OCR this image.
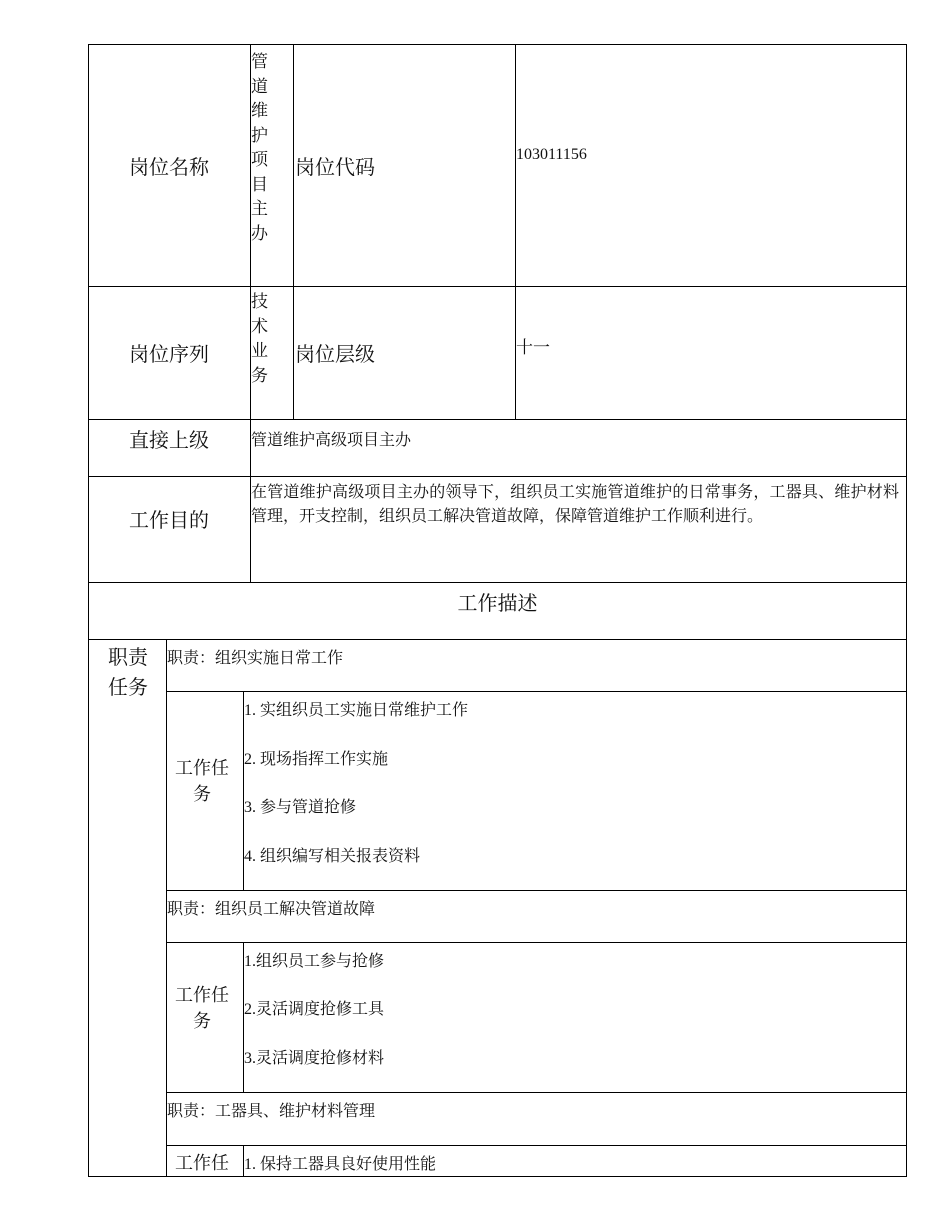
岗位名称
管道维护项目主办
岗位代码
103011156
岗位序列
技术业务
岗位层级	十一
直接上级	管道维护高级项目主办
工作目的
在管道维护高级项目主办的领导下，组织员工实施管道维护的日常事务，工器具、维护材料管理，开支控制，组织员工解决管道故障，保障管道维护工作顺利进行。
工作描述
职责任务
职责：组织实施日常工作
工作任务
1. 实组织员工实施日常维护工作
2. 现场指挥工作实施
3. 参与管道抢修
4. 组织编写相关报表资料
职责：组织员工解决管道故障
工作任务
1.组织员工参与抢修
2.灵活调度抢修工具
3.灵活调度抢修材料
职责：工器具、维护材料管理
工作任 1. 保持工器具良好使用性能
